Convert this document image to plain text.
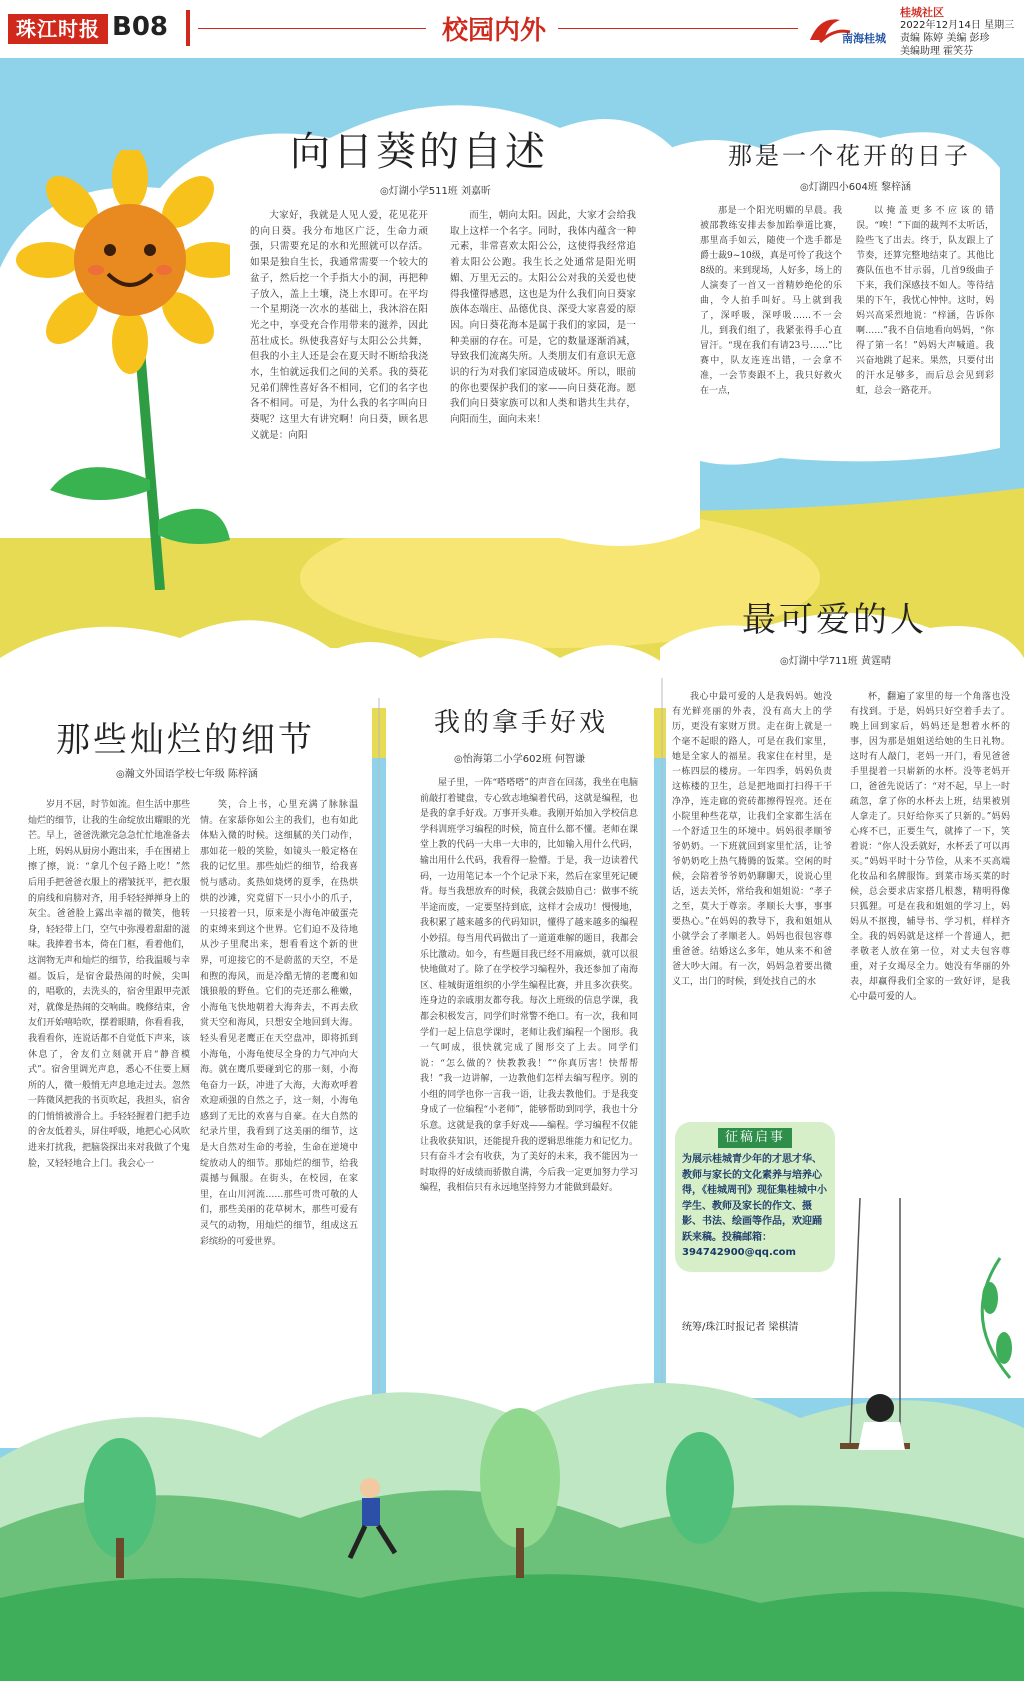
珠江时报 B08	校园内外	南海桂城
桂城社区
2022年12月14日 星期三
责编 陈婷 美编 彭珍
美编助理 霍笑芬
向日葵的自述
◎灯湖小学511班 刘嘉昕

大家好，我就是人见人爱，花见花开的向日葵。我分布地区广泛，生命力顽强，只需要充足的水和光照就可以存活。如果是独自生长，我通常需要一个较大的盆子，然后挖一个手指大小的洞，再把种子放入，盖上土壤，浇上水即可。在平均一个星期浇一次水的基础上，我沐浴在阳光之中，享受充合作用带来的滋养，因此茁壮成长。纵使我喜好与太阳公公共舞，但我的小主人还是会在夏天时不断给我浇水，生怕就远我们之间的关系。我的葵花兄弟们牌性喜好各不相同，它们的名字也各不相同。可是，为什么我的名字叫向日葵呢？这里大有讲究啊！向日葵，顾名思义就是：向阳

而生，朝向太阳。因此，大家才会给我取上这样一个名字。同时，我体内蕴含一种元素，非常喜欢太阳公公，这使得我经常追着太阳公公跑。我生长之处通常是阳光明媚、万里无云的。太阳公公对我的关爱也使得我懂得感恩，这也是为什么我们向日葵家族体态端庄、品德优良、深受大家喜爱的原因。向日葵花海本是属于我们的家园，是一种美丽的存在。可是，它的数量逐渐消减，导致我们流离失所。人类朋友们有意识无意识的行为对我们家园造成破坏。所以，眼前的你也要保护我们的家——向日葵花海。愿我们向日葵家族可以和人类和谐共生共存，向阳而生，面向未来！

那是一个花开的日子
◎灯湖四小604班 黎梓涵

那是一个阳光明媚的早晨。我被邵教练安排去参加跆拳道比赛，那里高手如云，随使一个选手都是爵士裁9~10级，真是可怜了我这个8级的。来到现场，人好多，场上的人演奏了一首又一首精妙绝伦的乐曲，令人拍手叫好。马上就到我了，深呼吸，深呼吸……不一会儿，到我们组了，我紧张得手心直冒汗。“现在我们有请23号……”比赛中，队友连连出错，一会拿不准，一会节奏跟不上，我只好救火在一点，

以掩盖更多不应该的错误。“唉！”下面的裁判不太听话，险些飞了出去。终于，队友跟上了节奏，还算完整地结束了。其他比赛队伍也不甘示弱，几首9级曲子下来，我们深感技不如人。等待结果的下午，我忧心忡忡。这时，妈妈兴高采烈地说：“梓涵，告诉你啊……”我不自信地看向妈妈，“你得了第一名！”妈妈大声喊道。我兴奋地跳了起来。果然，只要付出的汗水足够多，而后总会见到彩虹，总会一路花开。

最可爱的人
◎灯湖中学711班 黄霆晴

我心中最可爱的人是我妈妈。她没有光鲜亮丽的外表，没有高大上的学历，更没有家财万贯。走在街上就是一个毫不起眼的路人，可是在我们家里，她是全家人的福星。我家住在村里，是一栋四层的楼房。一年四季，妈妈负责这栋楼的卫生，总是把地面打扫得干干净净，连走廊的瓷砖都擦得锃亮。还在小院里种些花草，让我们全家都生活在一个舒适卫生的环境中。妈妈很孝顺爷爷奶奶。一下班就回到家里忙活，让爷爷奶奶吃上热气腾腾的饭菜。空闲的时候，会陪着爷爷奶奶聊聊天，说说心里话，送去关怀，常给我和姐姐说：“孝子之至，莫大于尊亲。孝顺长大事，事事要热心。”在妈妈的教导下，我和姐姐从小就学会了孝顺老人。妈妈也很包容尊重爸爸。结婚这么多年，她从来不和爸爸大吵大闹。有一次，妈妈急着要出微义工，出门的时候，到处找自己的水

杯，翻遍了家里的每一个角落也没有找到。于是，妈妈只好空着手去了。晚上回到家后，妈妈还是想着水杯的事，因为那是姐姐送给她的生日礼物。这时有人敲门，老妈一开门，看见爸爸手里提着一只崭新的水杯。没等老妈开口，爸爸先说话了：“对不起，早上一时疏忽，拿了你的水杯去上班，结果被别人拿走了。只好给你买了只新的。”妈妈心疼不已，正要生气，就捧了一下，笑着说：“你人没丢就好，水杯丢了可以再买。”妈妈平时十分节俭，从来不买高端化妆品和名牌服饰。到菜市场买菜的时候，总会要求店家搭几根葱，精明得像只狐狸。可是在我和姐姐的学习上，妈妈从不抠搜，辅导书、学习机，样样齐全。我的妈妈就是这样一个普通人，把孝敬老人放在第一位，对丈夫包容尊重，对子女竭尽全力。她没有华丽的外表，却赢得我们全家的一致好评，是我心中最可爱的人。

那些灿烂的细节
◎瀚文外国语学校七年级 陈梓涵

岁月不居，时节如流。但生活中那些灿烂的细节，让我的生命绽放出耀眼的光芒。早上，爸爸洗漱完急急忙忙地准备去上班，妈妈从厨房小跑出来，手在围裙上擦了擦，说：“拿几个包子路上吃！”然后用手把爸爸衣服上的褶皱抚平，把衣服的肩线和肩膀对齐，用手轻轻掸掸身上的灰尘。爸爸脸上露出幸福的微笑，他转身，轻轻带上门，空气中弥漫着甜甜的滋味。我捧着书本，倚在门框，看着他们，这润物无声和灿烂的细节，给我温暖与幸福。饭后，是宿舍最热闹的时候，尖叫的，唱歌的，去洗头的，宿舍里跟甲壳派对，就像是热闹的交响曲。晚修结束，舍友们开始嘻哈吹，摆着眼睛，你看看我，我看看你，连说话都不自觉低下声来，该休息了，舍友们立刻就开启“静音模式”。宿舍里调光声息，悉心不住要上厕所的人，微一般悄无声息地走过去。忽然一阵微风把我的书页吹起，我担头，宿舍的门悄悄被滑合上。手轻轻握着门把手边的舍友低着头，屏住呼吸，地把心心风吹进来打扰我，把脑袋探出来对我做了个鬼脸，又轻轻地合上门。我会心一

笑，合上书，心里充满了脉脉温情。在家舔你如公主的我们，也有如此体贴入微的时候。这细腻的关门动作，那如花一般的笑脸，如镜头一般定格在我的记忆里。那些灿烂的细节，给我喜悦与感动。炙热如烧烤的夏季，在热烘烘的沙滩，究竟留下一只小小的爪子，一只接着一只，原来是小海龟冲破蛋壳的束缚来到这个世界。它们迫不及待地从沙子里爬出来，想看看这个新的世界，可迎接它的不是蔚蓝的天空，不是和煦的海风，而是冷酷无情的老鹰和如饿狼般的野鱼。它们的壳还那么稚嫩，小海龟飞快地朝着大海奔去，不再去欣赏天空和海风，只想安全地回到大海。轻头看见老鹰正在天空盘冲，即将抓到小海龟，小海龟使尽全身的力气冲向大海。就在鹰爪要碰到它的那一刻，小海龟奋力一跃，冲进了大海，大海欢呼着欢迎顽强的自然之子，这一刻，小海龟感到了无比的欢喜与自豪。在大自然的纪录片里，我看到了这美丽的细节，这是大自然对生命的考验，生命在逆境中绽放动人的细节。那灿烂的细节，给我震撼与佩服。在街头，在校园，在家里，在山川河流……那些可贵可敬的人们，那些美丽的花草树木，那些可爱有灵气的动物，用灿烂的细节，组成这五彩缤纷的可爱世界。

我的拿手好戏
◎怡海第二小学602班 何智谦

屋子里，一阵“嗒嗒嗒”的声音在回荡，我坐在电脑前敲打着键盘，专心致志地编着代码，这就是编程，也是我的拿手好戏。万事开头难。我刚开始加入学校信息学科训班学习编程的时候，简直什么都不懂。老师在课堂上教的代码一大串一大串的，比如输入用什么代码，输出用什么代码，我看得一脸懵。于是，我一边读着代码，一边用笔记本一个个记录下来，然后在家里死记硬背。每当我想放弃的时候，我就会鼓励自己：做事不统半途而废，一定要坚持到底，这样才会成功！慢慢地，我积累了越来越多的代码知识，懂得了越来越多的编程小妙招。每当用代码做出了一道道难解的题目，我都会乐比激动。如今，有些题目我已经不用麻烦，就可以很快地做对了。除了在学校学习编程外，我还参加了南海区、桂城街道组织的小学生编程比赛，并且多次获奖。连身边的亲戚朋友都夸我。每次上班级的信息学课，我都会积极发言，同学们时常警不绝口。有一次，我和同学们一起上信息学课时，老师让我们编程一个图形。我一气呵成，很快就完成了图形交了上去。同学们说：“怎么做的？快教教我！”“你真厉害！快帮帮我！”我一边讲解，一边教他们怎样去编写程序。别的小组的同学也你一言我一语，让我去教他们。于是我变身成了一位编程“小老师”，能够帮助到同学，我也十分乐意。这就是我的拿手好戏——编程。学习编程不仅能让我收获知识，还能提升我的逻辑思维能力和记忆力。只有奋斗才会有收获，为了美好的未来，我不能因为一时取得的好成绩而骄傲自满，今后我一定更加努力学习编程，我相信只有永远地坚持努力才能做到最好。

征稿启事
为展示桂城青少年的才思才华、教师与家长的文化素养与培养心得，《桂城周刊》现征集桂城中小学生、教师及家长的作文、摄影、书法、绘画等作品，欢迎踊跃来稿。投稿邮箱：394742900@qq.com
统筹/珠江时报记者 梁棋清
